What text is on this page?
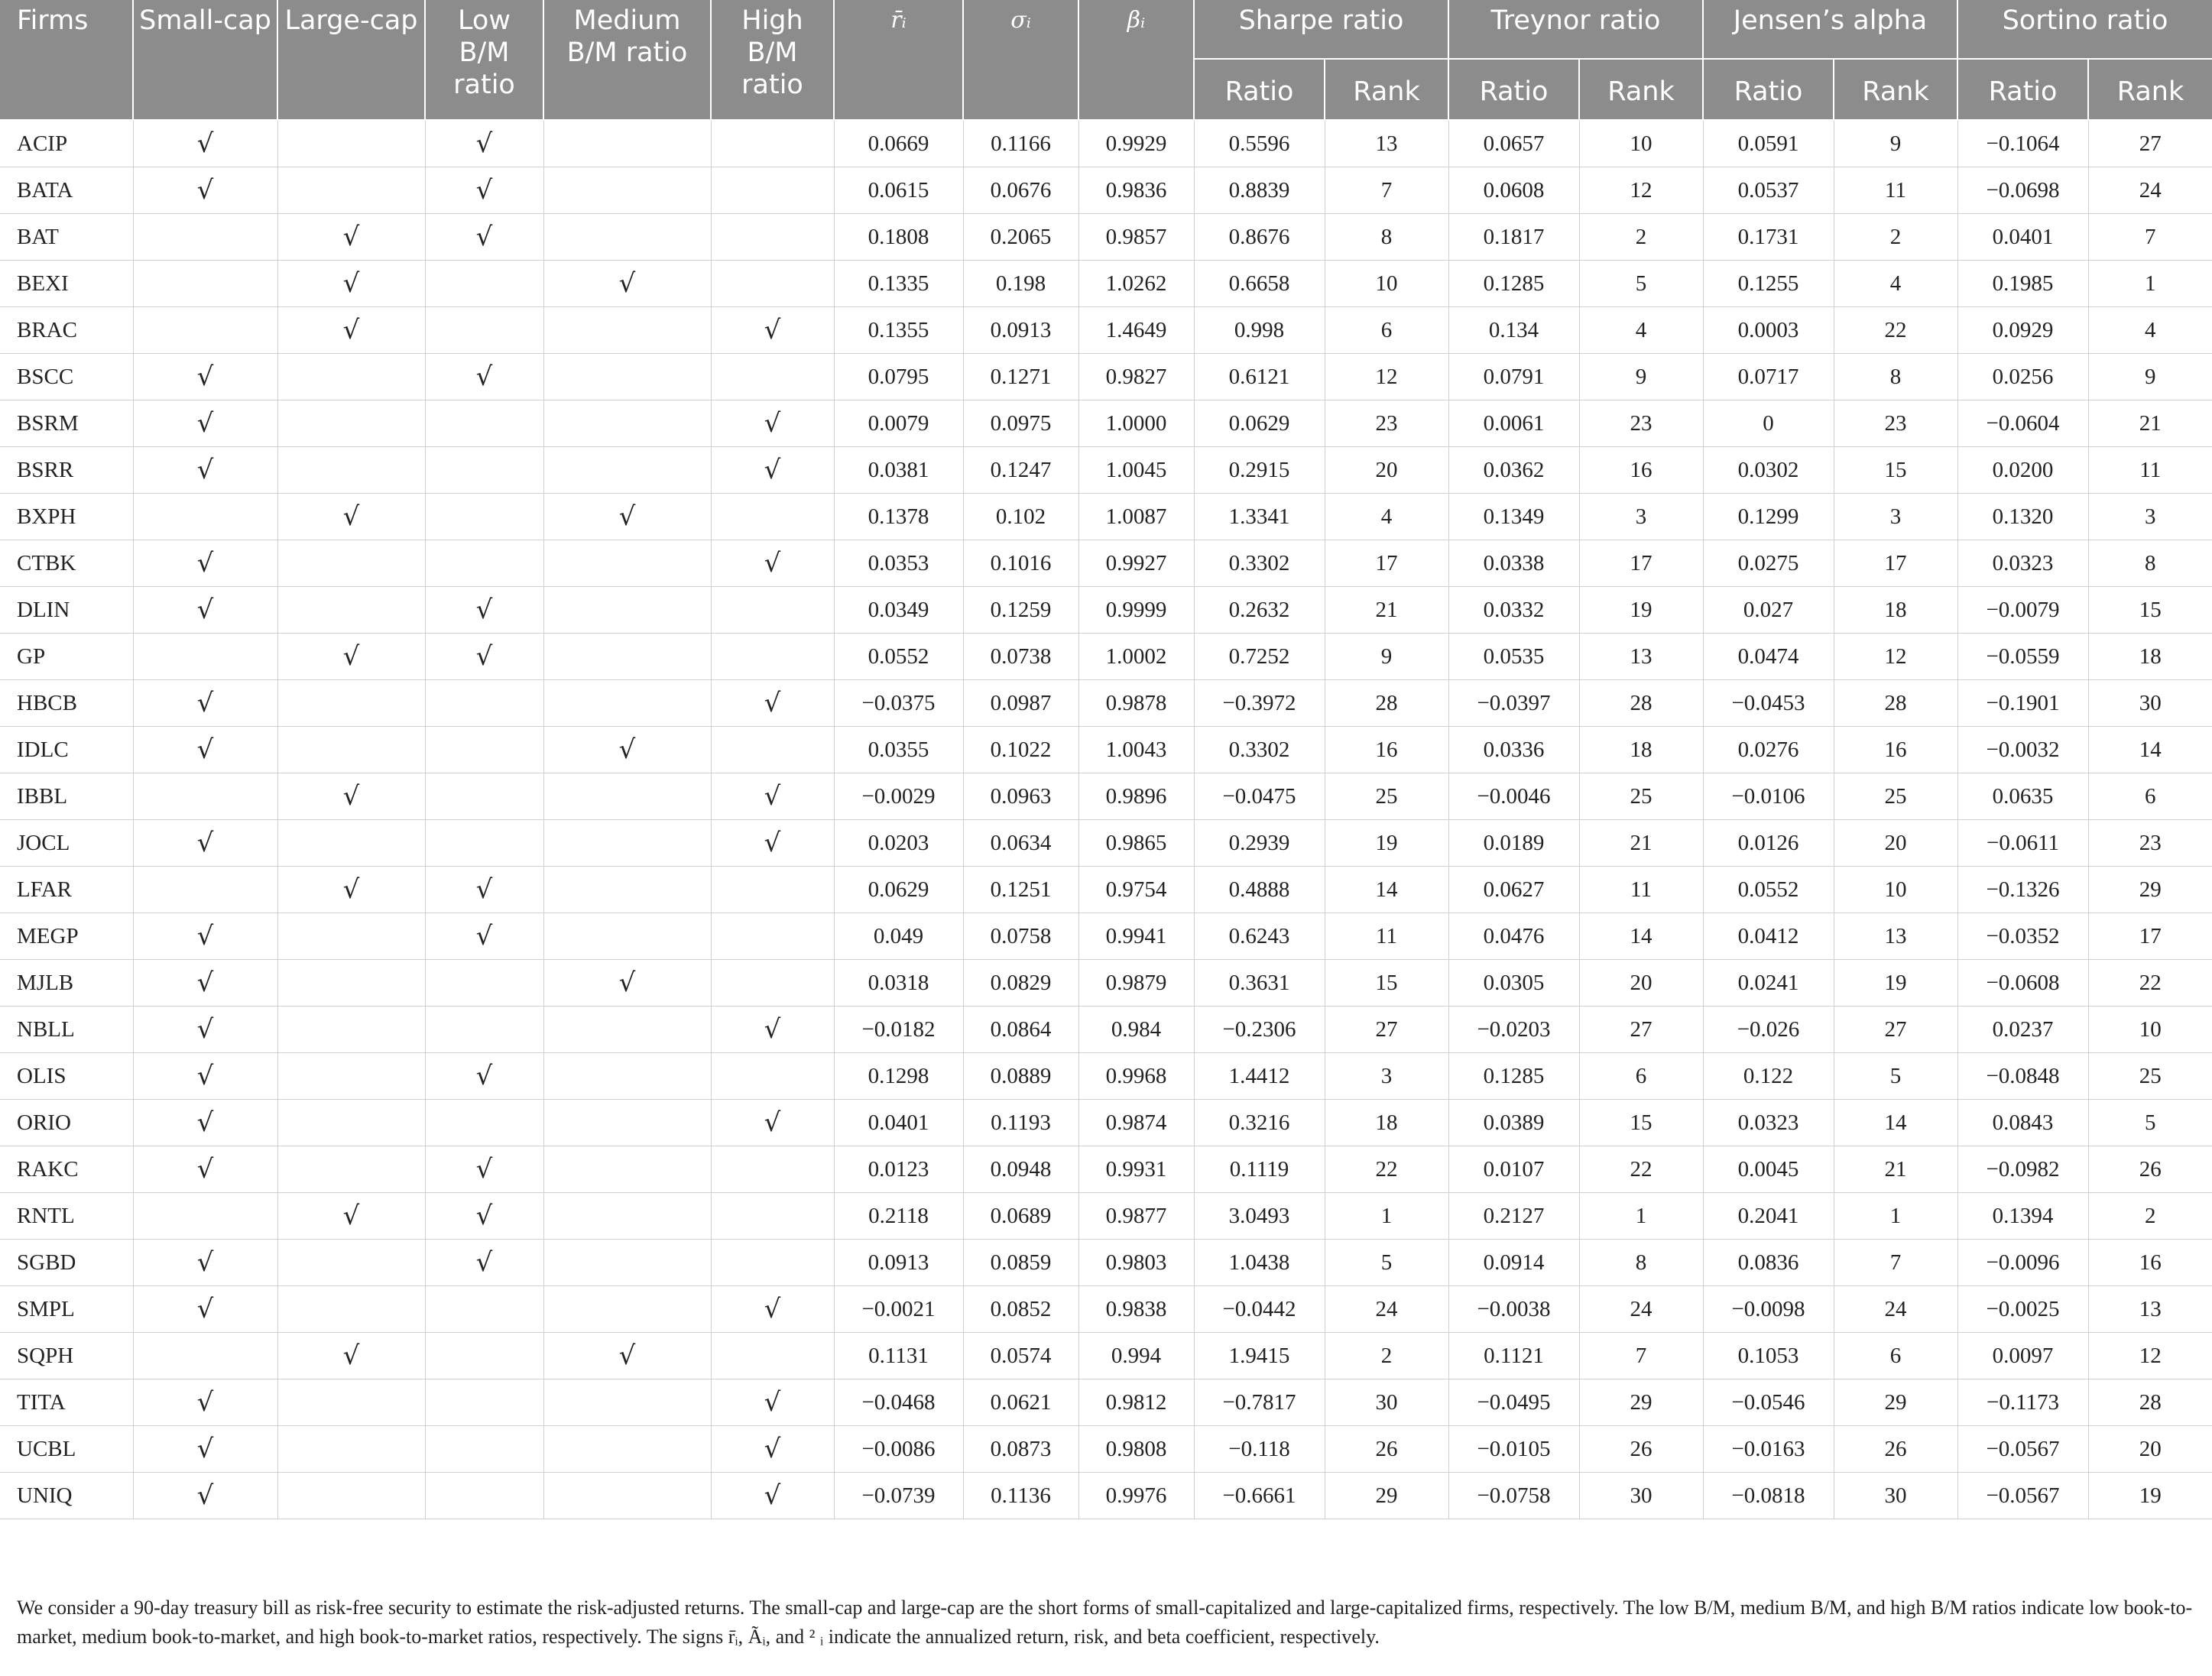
Firms	Small-cap	Large-cap	Low B/M ratio	Medium B/M ratio	High B/M ratio	r̄ᵢ	σᵢ	βᵢ	Sharpe ratio		Treynor ratio		Jensen’s alpha		Sortino ratio	
									Ratio	Rank	Ratio	Rank	Ratio	Rank	Ratio	Rank
ACIP	√		√			0.0669	0.1166	0.9929	0.5596	13	0.0657	10	0.0591	9	−0.1064	27
BATA	√		√			0.0615	0.0676	0.9836	0.8839	7	0.0608	12	0.0537	11	−0.0698	24
BAT		√	√			0.1808	0.2065	0.9857	0.8676	8	0.1817	2	0.1731	2	0.0401	7
BEXI		√		√		0.1335	0.198	1.0262	0.6658	10	0.1285	5	0.1255	4	0.1985	1
BRAC		√			√	0.1355	0.0913	1.4649	0.998	6	0.134	4	0.0003	22	0.0929	4
BSCC	√		√			0.0795	0.1271	0.9827	0.6121	12	0.0791	9	0.0717	8	0.0256	9
BSRM	√				√	0.0079	0.0975	1.0000	0.0629	23	0.0061	23	0	23	−0.0604	21
BSRR	√				√	0.0381	0.1247	1.0045	0.2915	20	0.0362	16	0.0302	15	0.0200	11
BXPH		√		√		0.1378	0.102	1.0087	1.3341	4	0.1349	3	0.1299	3	0.1320	3
CTBK	√				√	0.0353	0.1016	0.9927	0.3302	17	0.0338	17	0.0275	17	0.0323	8
DLIN	√		√			0.0349	0.1259	0.9999	0.2632	21	0.0332	19	0.027	18	−0.0079	15
GP		√	√			0.0552	0.0738	1.0002	0.7252	9	0.0535	13	0.0474	12	−0.0559	18
HBCB	√				√	−0.0375	0.0987	0.9878	−0.3972	28	−0.0397	28	−0.0453	28	−0.1901	30
IDLC	√			√		0.0355	0.1022	1.0043	0.3302	16	0.0336	18	0.0276	16	−0.0032	14
IBBL		√			√	−0.0029	0.0963	0.9896	−0.0475	25	−0.0046	25	−0.0106	25	0.0635	6
JOCL	√				√	0.0203	0.0634	0.9865	0.2939	19	0.0189	21	0.0126	20	−0.0611	23
LFAR		√	√			0.0629	0.1251	0.9754	0.4888	14	0.0627	11	0.0552	10	−0.1326	29
MEGP	√		√			0.049	0.0758	0.9941	0.6243	11	0.0476	14	0.0412	13	−0.0352	17
MJLB	√			√		0.0318	0.0829	0.9879	0.3631	15	0.0305	20	0.0241	19	−0.0608	22
NBLL	√				√	−0.0182	0.0864	0.984	−0.2306	27	−0.0203	27	−0.026	27	0.0237	10
OLIS	√		√			0.1298	0.0889	0.9968	1.4412	3	0.1285	6	0.122	5	−0.0848	25
ORIO	√				√	0.0401	0.1193	0.9874	0.3216	18	0.0389	15	0.0323	14	0.0843	5
RAKC	√		√			0.0123	0.0948	0.9931	0.1119	22	0.0107	22	0.0045	21	−0.0982	26
RNTL		√	√			0.2118	0.0689	0.9877	3.0493	1	0.2127	1	0.2041	1	0.1394	2
SGBD	√		√			0.0913	0.0859	0.9803	1.0438	5	0.0914	8	0.0836	7	−0.0096	16
SMPL	√				√	−0.0021	0.0852	0.9838	−0.0442	24	−0.0038	24	−0.0098	24	−0.0025	13
SQPH		√		√		0.1131	0.0574	0.994	1.9415	2	0.1121	7	0.1053	6	0.0097	12
TITA	√				√	−0.0468	0.0621	0.9812	−0.7817	30	−0.0495	29	−0.0546	29	−0.1173	28
UCBL	√				√	−0.0086	0.0873	0.9808	−0.118	26	−0.0105	26	−0.0163	26	−0.0567	20
UNIQ	√				√	−0.0739	0.1136	0.9976	−0.6661	29	−0.0758	30	−0.0818	30	−0.0567	19
We consider a 90-day treasury bill as risk-free security to estimate the risk-adjusted returns. The small-cap and large-cap are the short forms of small-capitalized and large-capitalized firms, respectively. The low B/M, medium B/M, and high B/M ratios indicate low book-to-market, medium book-to-market, and high book-to-market ratios, respectively. The signs r̄ᵢ, Ãᵢ, and ² ᵢ indicate the annualized return, risk, and beta coefficient, respectively.
